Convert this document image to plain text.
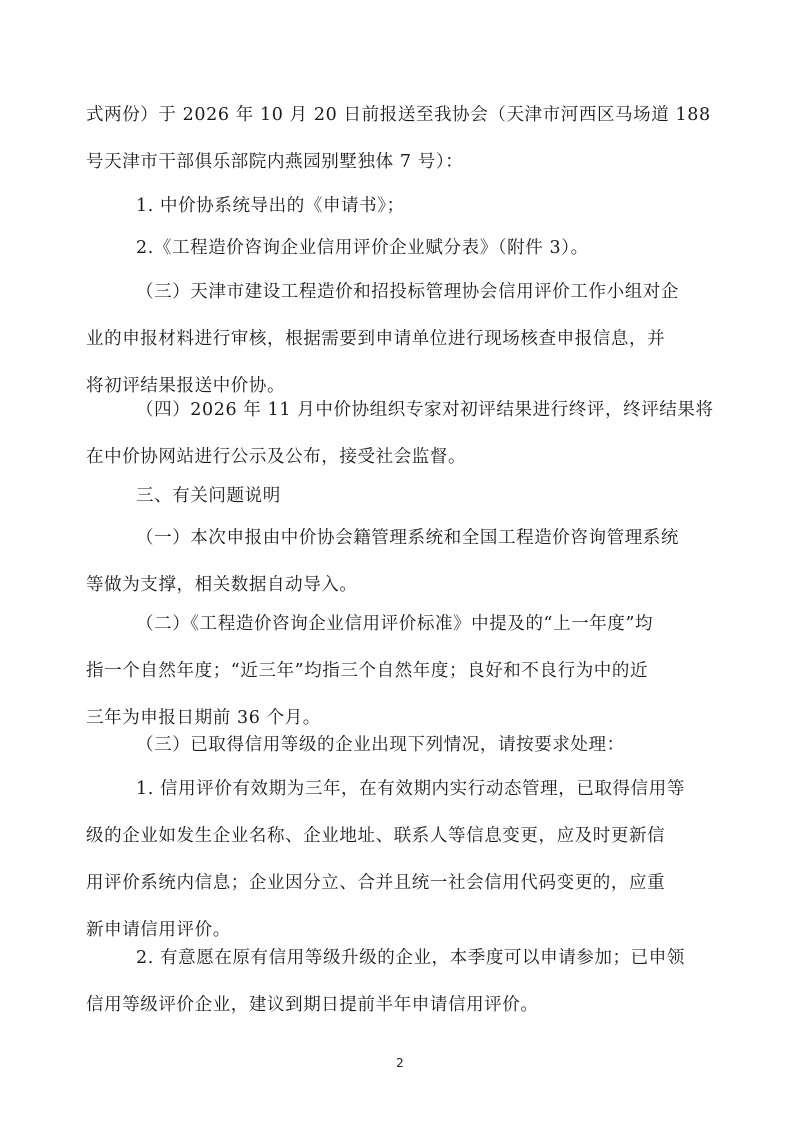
式两份）于 2026 年 10 月 20 日前报送至我协会（天津市河西区马场道 188
号天津市干部俱乐部院内燕园别墅独体 7 号）：

1. 中价协系统导出的《申请书》；

2.《工程造价咨询企业信用评价企业赋分表》（附件 3）。

（三）天津市建设工程造价和招投标管理协会信用评价工作小组对企
业的申报材料进行审核，根据需要到申请单位进行现场核查申报信息，并
将初评结果报送中价协。

（四）2026 年 11 月中价协组织专家对初评结果进行终评，终评结果将
在中价协网站进行公示及公布，接受社会监督。

三、有关问题说明

（一）本次申报由中价协会籍管理系统和全国工程造价咨询管理系统
等做为支撑，相关数据自动导入。

（二）《工程造价咨询企业信用评价标准》中提及的“上一年度”均
指一个自然年度；“近三年”均指三个自然年度；良好和不良行为中的近
三年为申报日期前 36 个月。

（三）已取得信用等级的企业出现下列情况，请按要求处理：

1. 信用评价有效期为三年，在有效期内实行动态管理，已取得信用等
级的企业如发生企业名称、企业地址、联系人等信息变更，应及时更新信
用评价系统内信息；企业因分立、合并且统一社会信用代码变更的，应重
新申请信用评价。

2. 有意愿在原有信用等级升级的企业，本季度可以申请参加；已申领
信用等级评价企业，建议到期日提前半年申请信用评价。

2
